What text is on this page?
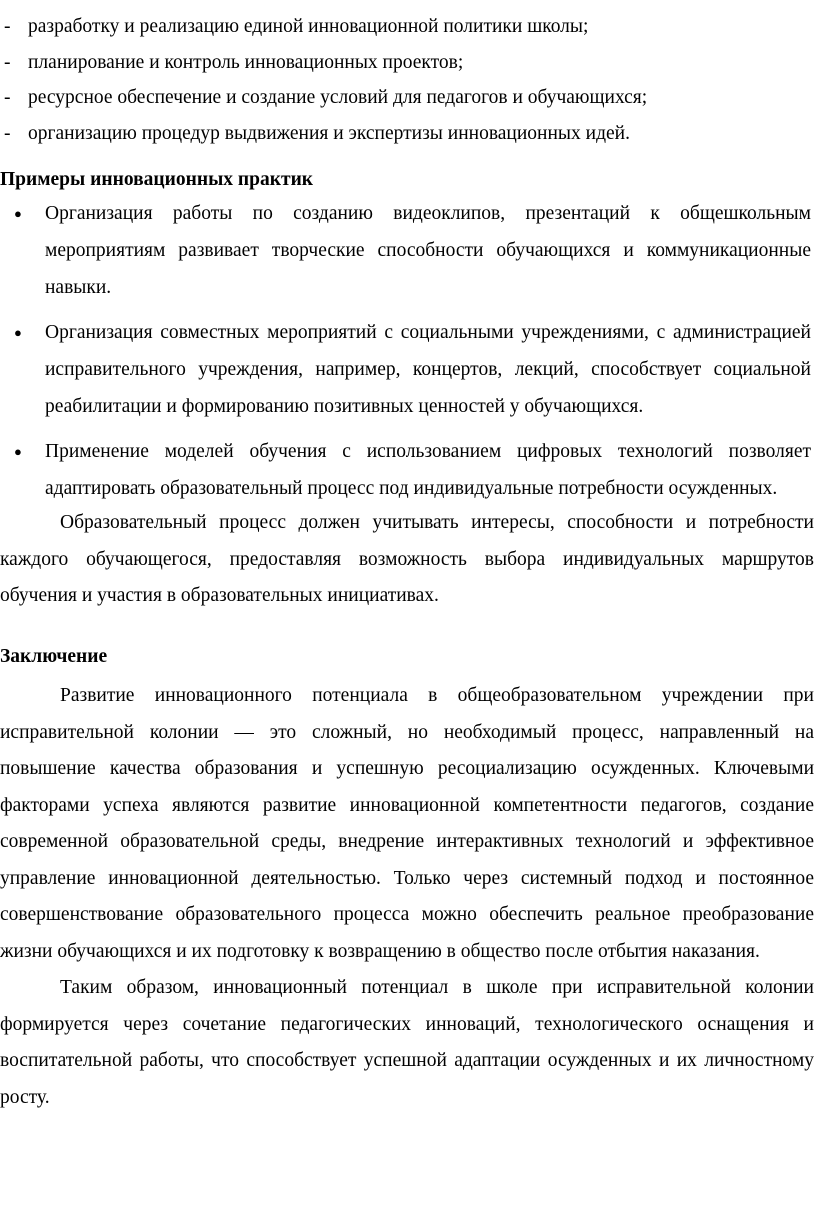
- разработку и реализацию единой инновационной политики школы;
- планирование и контроль инновационных проектов;
- ресурсное обеспечение и создание условий для педагогов и обучающихся;
- организацию процедур выдвижения и экспертизы инновационных идей.
Примеры инновационных практик
● Организация работы по созданию видеоклипов, презентаций к общешкольным мероприятиям развивает творческие способности обучающихся и коммуникационные навыки.
● Организация совместных мероприятий с социальными учреждениями, с администрацией исправительного учреждения, например, концертов, лекций, способствует социальной реабилитации и формированию позитивных ценностей у обучающихся.
● Применение моделей обучения с использованием цифровых технологий позволяет адаптировать образовательный процесс под индивидуальные потребности осужденных.
Образовательный процесс должен учитывать интересы, способности и потребности каждого обучающегося, предоставляя возможность выбора индивидуальных маршрутов обучения и участия в образовательных инициативах.
Заключение
Развитие инновационного потенциала в общеобразовательном учреждении при исправительной колонии — это сложный, но необходимый процесс, направленный на повышение качества образования и успешную ресоциализацию осужденных. Ключевыми факторами успеха являются развитие инновационной компетентности педагогов, создание современной образовательной среды, внедрение интерактивных технологий и эффективное управление инновационной деятельностью. Только через системный подход и постоянное совершенствование образовательного процесса можно обеспечить реальное преобразование жизни обучающихся и их подготовку к возвращению в общество после отбытия наказания.
Таким образом, инновационный потенциал в школе при исправительной колонии формируется через сочетание педагогических инноваций, технологического оснащения и воспитательной работы, что способствует успешной адаптации осужденных и их личностному росту.
